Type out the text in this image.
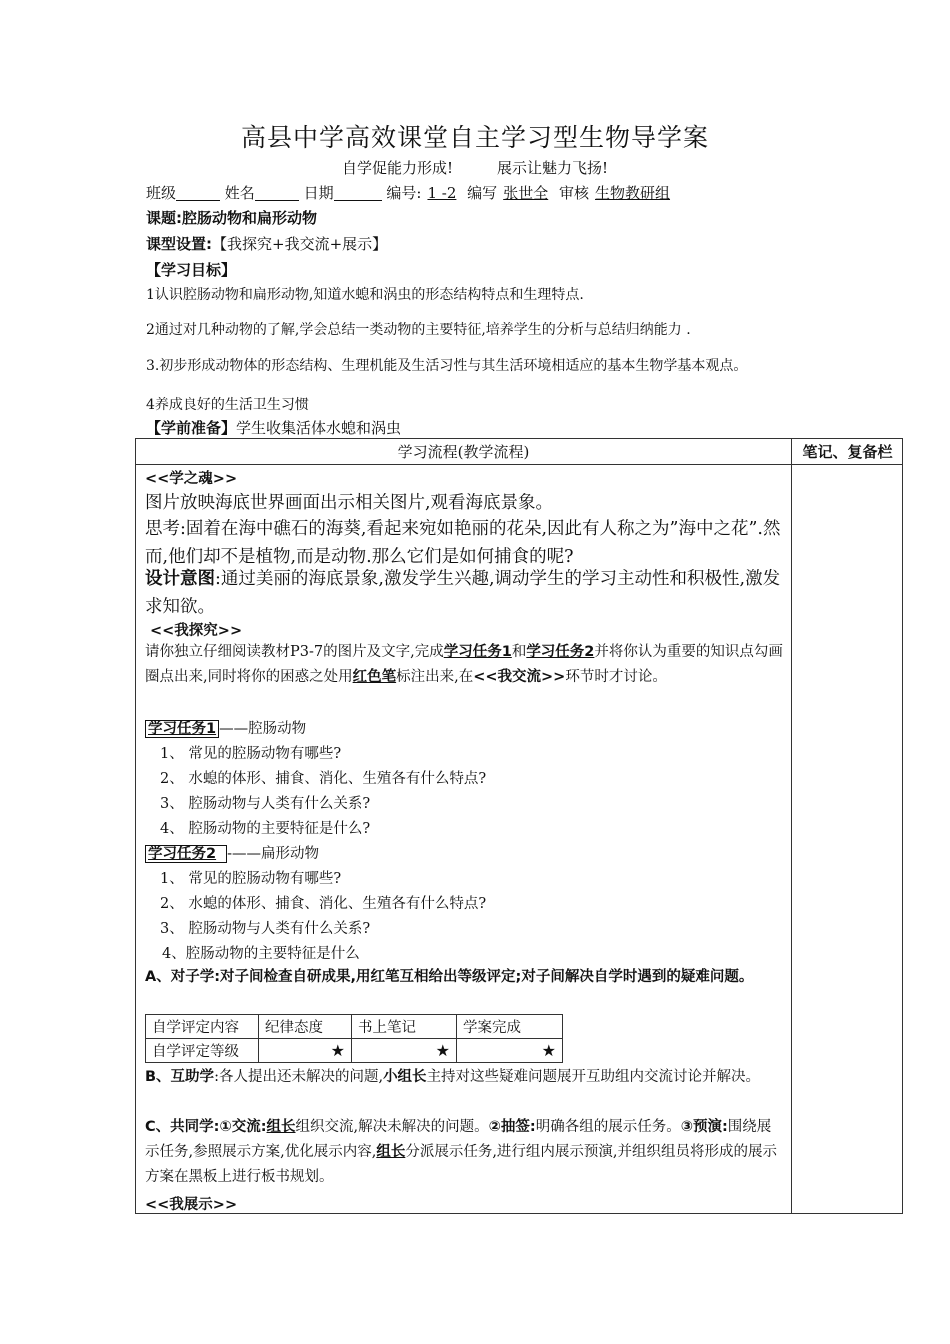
高县中学高效课堂自主学习型生物导学案
自学促能力形成!	展示让魅力飞扬!
班级	姓名	日期	编号: 1 -2 编写 张世全 审核 生物教研组
课题:腔肠动物和扁形动物
课型设置:【我探究+我交流+展示】
【学习目标】
1认识腔肠动物和扁形动物,知道水螅和涡虫的形态结构特点和生理特点.
2通过对几种动物的了解,学会总结一类动物的主要特征,培养学生的分析与总结归纳能力 .
3.初步形成动物体的形态结构、生理机能及生活习性与其生活环境相适应的基本生物学基本观点。
4养成良好的生活卫生习惯
【学前准备】学生收集活体水螅和涡虫
学习流程(教学流程)	笔记、复备栏
<<学之魂>>
图片放映海底世界画面出示相关图片,观看海底景象。
思考:固着在海中礁石的海葵,看起来宛如艳丽的花朵,因此有人称之为”海中之花”.然而,他们却不是植物,而是动物.那么它们是如何捕食的呢?
设计意图:通过美丽的海底景象,激发学生兴趣,调动学生的学习主动性和积极性,激发求知欲。
<<我探究>>
请你独立仔细阅读教材P3-7的图片及文字,完成学习任务1和学习任务2并将你认为重要的知识点勾画圈点出来,同时将你的困惑之处用红色笔标注出来,在<<我交流>>环节时才讨论。
学习任务1 ——腔肠动物
1、 常见的腔肠动物有哪些?
2、 水螅的体形、捕食、消化、生殖各有什么特点?
3、 腔肠动物与人类有什么关系?
4、 腔肠动物的主要特征是什么?
学习任务2 -——扁形动物
1、 常见的腔肠动物有哪些?
2、 水螅的体形、捕食、消化、生殖各有什么特点?
3、 腔肠动物与人类有什么关系?
4、腔肠动物的主要特征是什么
A、对子学:对子间检查自研成果,用红笔互相给出等级评定;对子间解决自学时遇到的疑难问题。
自学评定内容	纪律态度	书上笔记	学案完成
自学评定等级	★	★	★
B、互助学:各人提出还未解决的问题,小组长主持对这些疑难问题展开互助组内交流讨论并解决。
C、共同学:①交流:组长组织交流,解决未解决的问题。②抽签:明确各组的展示任务。③预演:围绕展示任务,参照展示方案,优化展示内容,组长分派展示任务,进行组内展示预演,并组织组员将形成的展示方案在黑板上进行板书规划。
<<我展示>>
